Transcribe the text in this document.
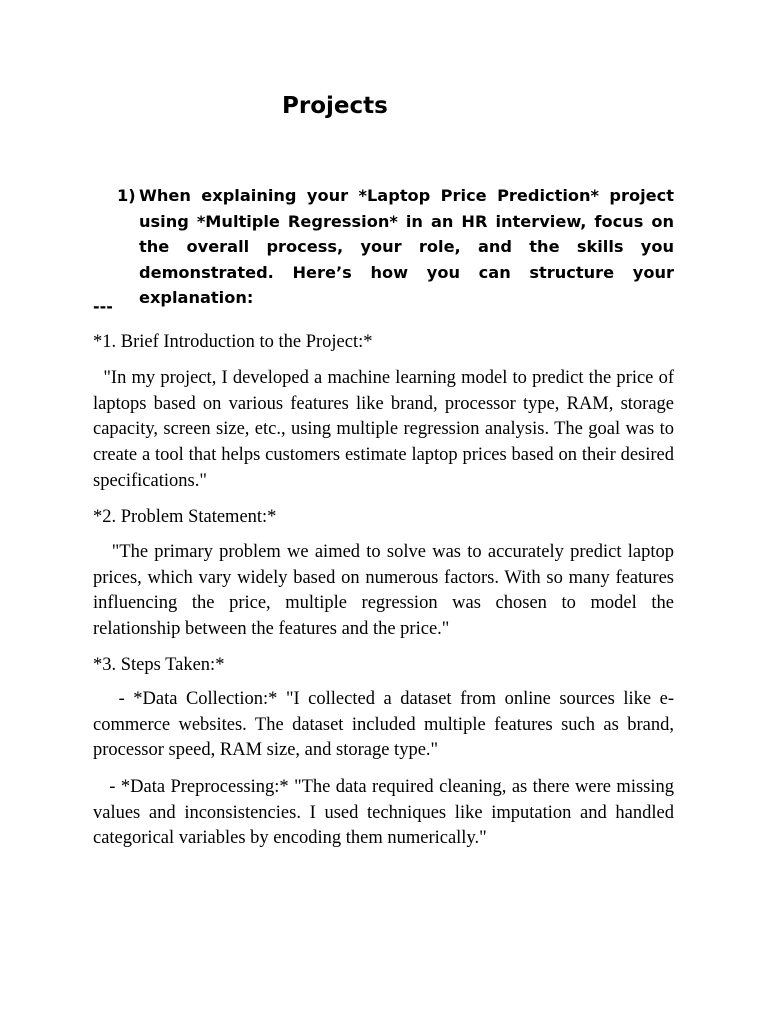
Projects
1) When explaining your *Laptop Price Prediction* project using *Multiple Regression* in an HR interview, focus on the overall process, your role, and the skills you demonstrated. Here’s how you can structure your explanation:
---

*1. Brief Introduction to the Project:*

"In my project, I developed a machine learning model to predict the price of laptops based on various features like brand, processor type, RAM, storage capacity, screen size, etc., using multiple regression analysis. The goal was to create a tool that helps customers estimate laptop prices based on their desired specifications."

*2. Problem Statement:*

"The primary problem we aimed to solve was to accurately predict laptop prices, which vary widely based on numerous factors. With so many features influencing the price, multiple regression was chosen to model the relationship between the features and the price."

*3. Steps Taken:*

- *Data Collection:* "I collected a dataset from online sources like e-commerce websites. The dataset included multiple features such as brand, processor speed, RAM size, and storage type."

- *Data Preprocessing:* "The data required cleaning, as there were missing values and inconsistencies. I used techniques like imputation and handled categorical variables by encoding them numerically."
